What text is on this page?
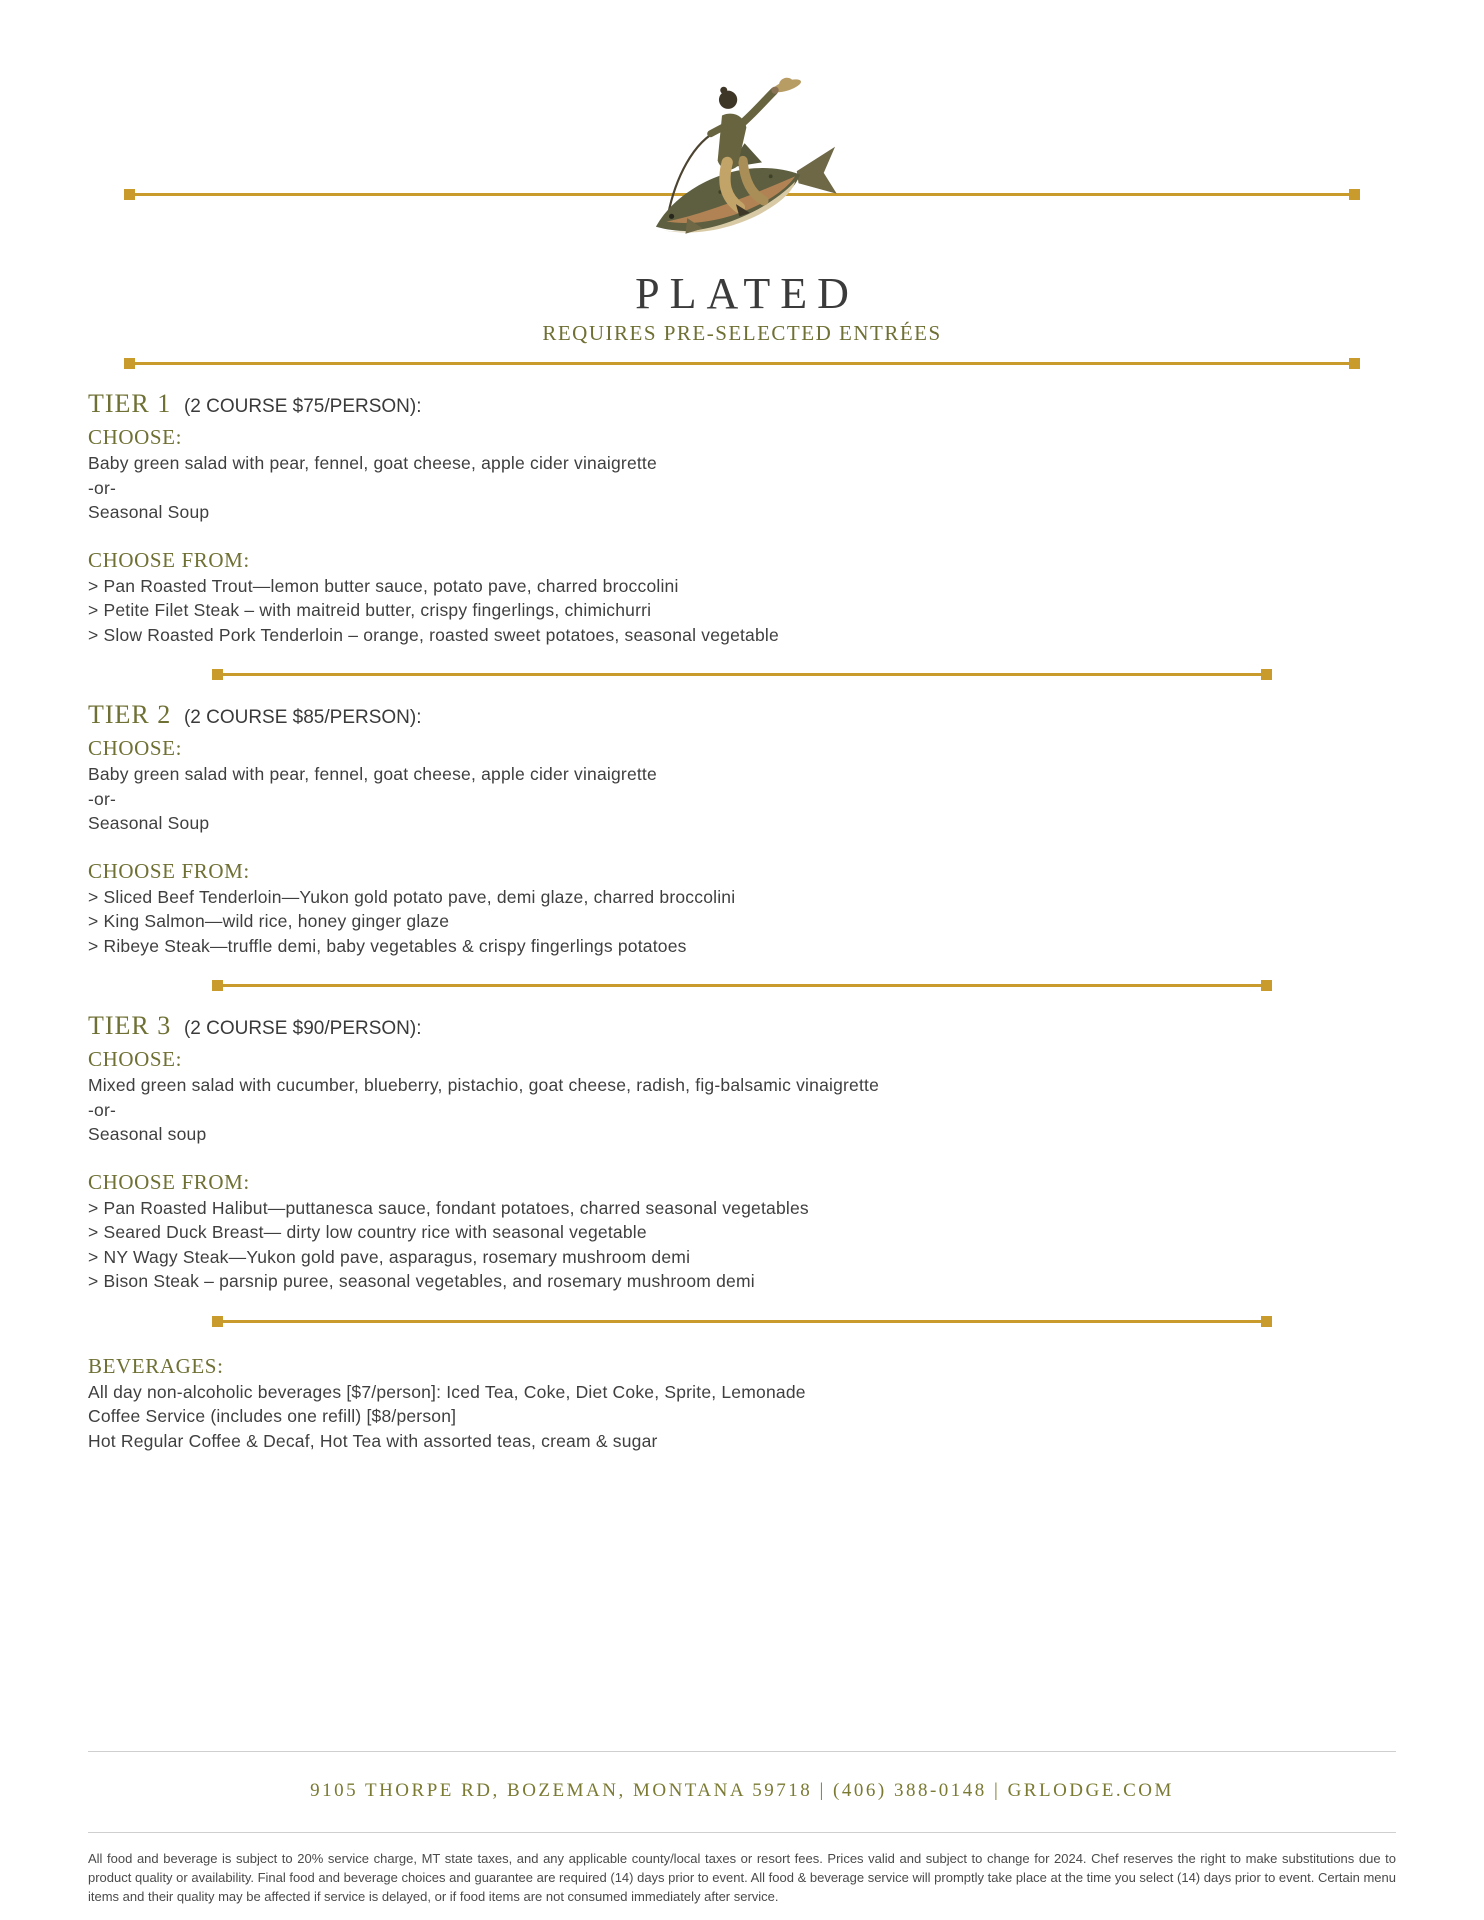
PLATED
REQUIRES PRE-SELECTED ENTRÉES
TIER 1 (2 COURSE $75/PERSON):
CHOOSE:

Baby green salad with pear, fennel, goat cheese, apple cider vinaigrette

-or-

Seasonal Soup

CHOOSE FROM:

> Pan Roasted Trout—lemon butter sauce, potato pave, charred broccolini

> Petite Filet Steak – with maitreid butter, crispy fingerlings, chimichurri

> Slow Roasted Pork Tenderloin – orange, roasted sweet potatoes, seasonal vegetable

TIER 2 (2 COURSE $85/PERSON):
CHOOSE:

Baby green salad with pear, fennel, goat cheese, apple cider vinaigrette

-or-

Seasonal Soup

CHOOSE FROM:

> Sliced Beef Tenderloin—Yukon gold potato pave, demi glaze, charred broccolini

> King Salmon—wild rice, honey ginger glaze

> Ribeye Steak—truffle demi, baby vegetables & crispy fingerlings potatoes

TIER 3 (2 COURSE $90/PERSON):
CHOOSE:

Mixed green salad with cucumber, blueberry, pistachio, goat cheese, radish, fig-balsamic vinaigrette

-or-

Seasonal soup

CHOOSE FROM:

> Pan Roasted Halibut—puttanesca sauce, fondant potatoes, charred seasonal vegetables

> Seared Duck Breast— dirty low country rice with seasonal vegetable

> NY Wagy Steak—Yukon gold pave, asparagus, rosemary mushroom demi

> Bison Steak – parsnip puree, seasonal vegetables, and rosemary mushroom demi

BEVERAGES:

All day non-alcoholic beverages [$7/person]: Iced Tea, Coke, Diet Coke, Sprite, Lemonade

Coffee Service (includes one refill) [$8/person]

Hot Regular Coffee & Decaf, Hot Tea with assorted teas, cream & sugar

9105 THORPE RD, BOZEMAN, MONTANA 59718 | (406) 388-0148 | GRLODGE.COM

All food and beverage is subject to 20% service charge, MT state taxes, and any applicable county/local taxes or resort fees. Prices valid and subject to change for 2024. Chef reserves the right to make substitutions due to product quality or availability. Final food and beverage choices and guarantee are required (14) days prior to event. All food & beverage service will promptly take place at the time you select (14) days prior to event. Certain menu items and their quality may be affected if service is delayed, or if food items are not consumed immediately after service.
